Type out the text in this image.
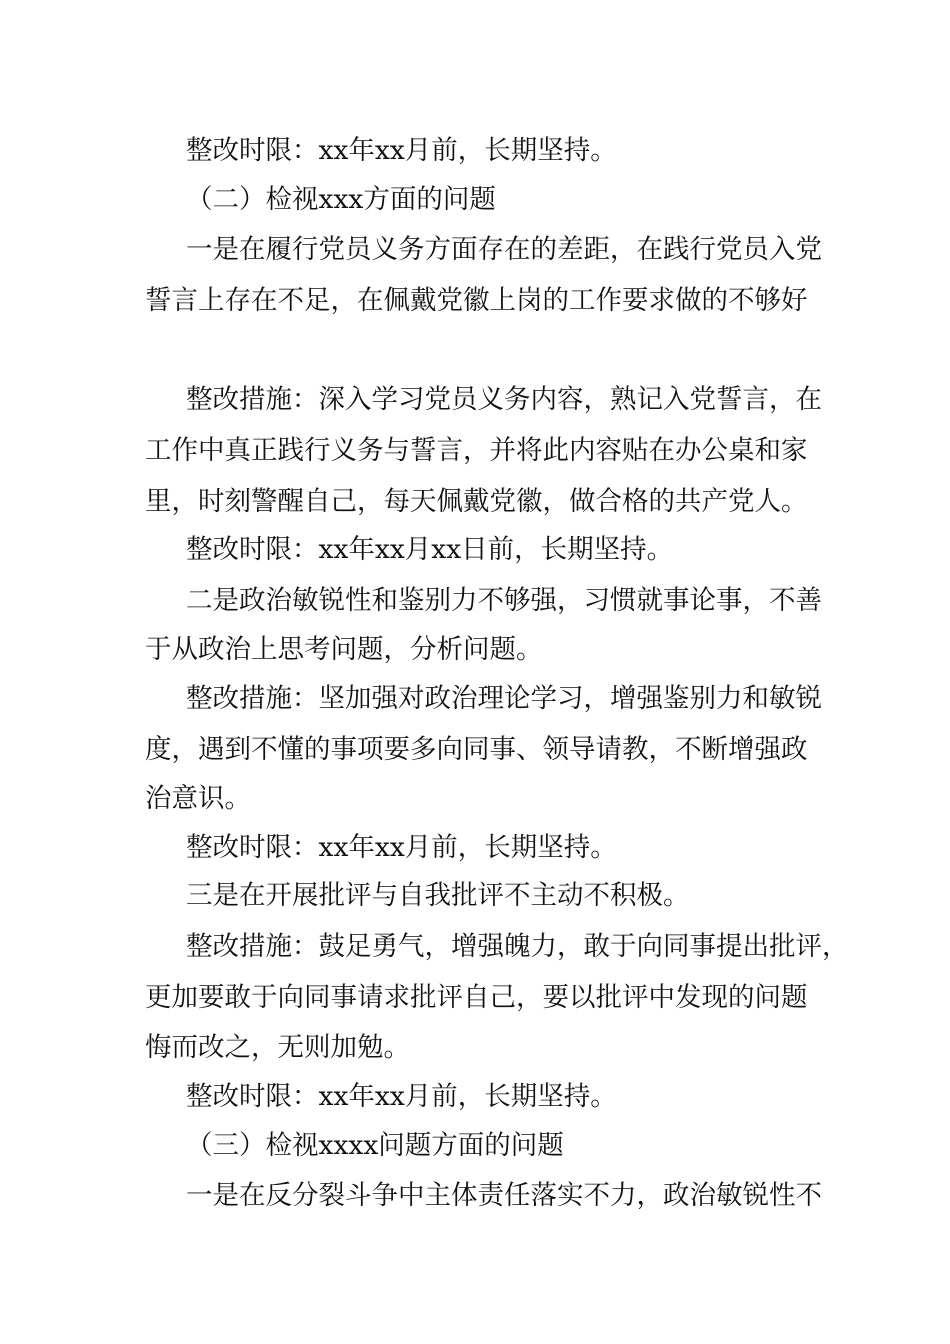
整改时限：xx年xx月前，长期坚持。
（二）检视xxx方面的问题
一是在履行党员义务方面存在的差距，在践行党员入党
誓言上存在不足，在佩戴党徽上岗的工作要求做的不够好
整改措施：深入学习党员义务内容，熟记入党誓言，在
工作中真正践行义务与誓言，并将此内容贴在办公桌和家
里，时刻警醒自己，每天佩戴党徽，做合格的共产党人。
整改时限：xx年xx月xx日前，长期坚持。
二是政治敏锐性和鉴别力不够强，习惯就事论事，不善
于从政治上思考问题，分析问题。
整改措施：坚加强对政治理论学习，增强鉴别力和敏锐
度，遇到不懂的事项要多向同事、领导请教，不断增强政
治意识。
整改时限：xx年xx月前，长期坚持。
三是在开展批评与自我批评不主动不积极。
整改措施：鼓足勇气，增强魄力，敢于向同事提出批评，
更加要敢于向同事请求批评自己，要以批评中发现的问题
悔而改之，无则加勉。
整改时限：xx年xx月前，长期坚持。
（三）检视xxxx问题方面的问题
一是在反分裂斗争中主体责任落实不力，政治敏锐性不
